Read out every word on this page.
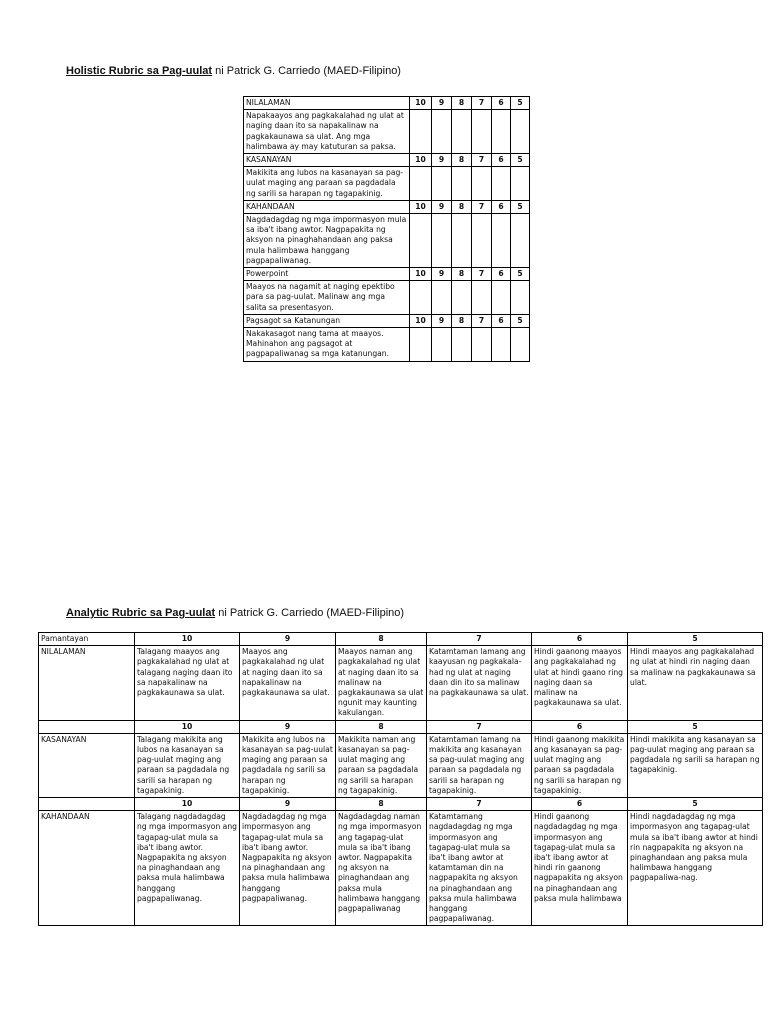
Holistic Rubric sa Pag-uulat ni Patrick G. Carriedo (MAED-Filipino)
NILALAMAN	10	9	8	7	6	5
Napakaayos ang pagkakalahad ng ulat at naging daan ito sa napakalinaw na pagkakaunawa sa ulat. Ang mga halimbawa ay may katuturan sa paksa.						
KASANAYAN	10	9	8	7	6	5
Makikita ang lubos na kasanayan sa pag-uulat maging ang paraan sa pagdadala ng sarili sa harapan ng tagapakinig.						
KAHANDAAN	10	9	8	7	6	5
Nagdadagdag ng mga impormasyon mula sa iba't ibang awtor. Nagpapakita ng aksyon na pinaghahandaan ang paksa mula halimbawa hanggang pagpapaliwanag.						
Powerpoint	10	9	8	7	6	5
Maayos na nagamit at naging epektibo para sa pag-uulat. Malinaw ang mga salita sa presentasyon.						
Pagsagot sa Katanungan	10	9	8	7	6	5
Nakakasagot nang tama at maayos. Mahinahon ang pagsagot at pagpapaliwanag sa mga katanungan.						
Analytic Rubric sa Pag-uulat ni Patrick G. Carriedo (MAED-Filipino)
Pamantayan	10	9	8	7	6	5
NILALAMAN	Talagang maayos ang pagkakalahad ng ulat at talagang naging daan ito sa napakalinaw na pagkakaunawa sa ulat.	Maayos ang pagkakalahad ng ulat at naging daan ito sa napakalinaw na pagkakaunawa sa ulat.	Maayos naman ang pagkakalahad ng ulat at naging daan ito sa malinaw na pagkakaunawa sa ulat ngunit may kaunting kakulangan.	Katamtaman lamang ang kaayusan ng pagkakala-had ng ulat at naging daan din ito sa malinaw na pagkakaunawa sa ulat.	Hindi gaanong maayos ang pagkakalahad ng ulat at hindi gaano ring naging daan sa malinaw na pagkakaunawa sa ulat.	Hindi maayos ang pagkakalahad ng ulat at hindi rin naging daan sa malinaw na pagkakaunawa sa ulat.
	10	9	8	7	6	5
KASANAYAN	Talagang makikita ang lubos na kasanayan sa pag-uulat maging ang paraan sa pagdadala ng sarili sa harapan ng tagapakinig.	Makikita ang lubos na kasanayan sa pag-uulat maging ang paraan sa pagdadala ng sarili sa harapan ng tagapakinig.	Makikita naman ang kasanayan sa pag-uulat maging ang paraan sa pagdadala ng sarili sa harapan ng tagapakinig.	Katamtaman lamang na makikita ang kasanayan sa pag-uulat maging ang paraan sa pagdadala ng sarili sa harapan ng tagapakinig.	Hindi gaanong makikita ang kasanayan sa pag-uulat maging ang paraan sa pagdadala ng sarili sa harapan ng tagapakinig.	Hindi makikita ang kasanayan sa pag-uulat maging ang paraan sa pagdadala ng sarili sa harapan ng tagapakinig.
	10	9	8	7	6	5
KAHANDAAN	Talagang nagdadagdag ng mga impormasyon ang tagapag-ulat mula sa iba't ibang awtor. Nagpapakita ng aksyon na pinaghandaan ang paksa mula halimbawa hanggang pagpapaliwanag.	Nagdadagdag ng mga impormasyon ang tagapag-ulat mula sa iba't ibang awtor. Nagpapakita ng aksyon na pinaghandaan ang paksa mula halimbawa hanggang pagpapaliwanag.	Nagdadagdag naman ng mga impormasyon ang tagapag-ulat mula sa iba't ibang awtor. Nagpapakita ng aksyon na pinaghandaan ang paksa mula halimbawa hanggang pagpapaliwanag	Katamtamang nagdadagdag ng mga impormasyon ang tagapag-ulat mula sa iba't ibang awtor at katamtaman din na nagpapakita ng aksyon na pinaghandaan ang paksa mula halimbawa hanggang pagpapaliwanag.	Hindi gaanong nagdadagdag ng mga impormasyon ang tagapag-ulat mula sa iba't ibang awtor at hindi rin gaanong nagpapakita ng aksyon na pinaghandaan ang paksa mula halimbawa	Hindi nagdadagdag ng mga impormasyon ang tagapag-ulat mula sa iba't ibang awtor at hindi rin nagpapakita ng aksyon na pinaghandaan ang paksa mula halimbawa hanggang pagpapaliwa-nag.
